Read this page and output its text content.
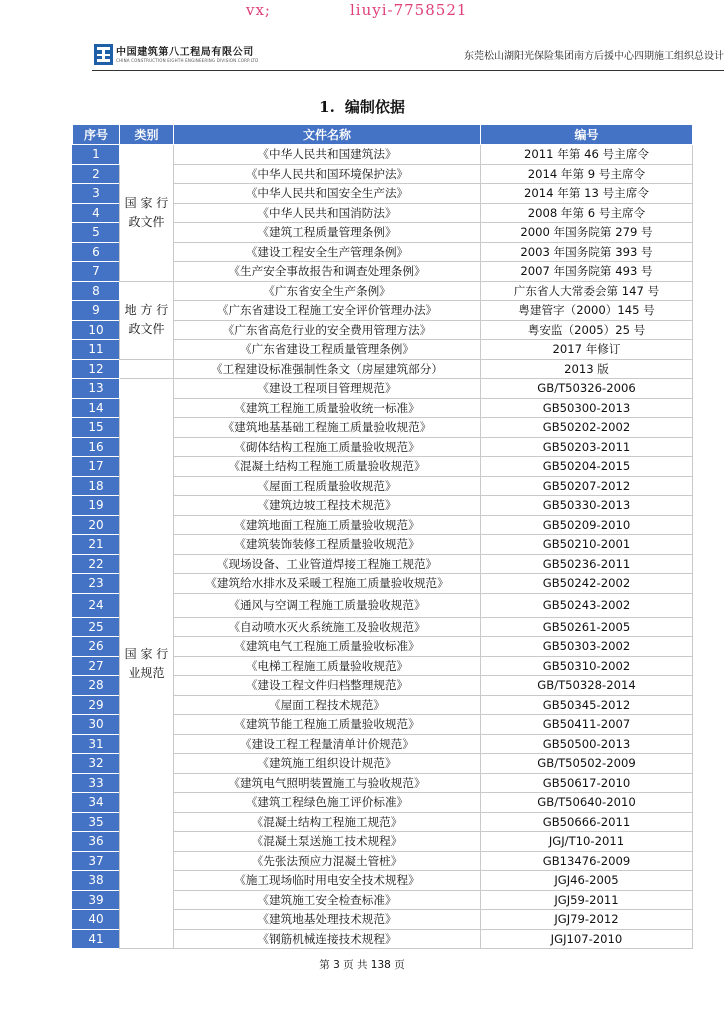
vx;	liuyi-7758521
中国建筑第八工程局有限公司
CHINA CONSTRUCTION EIGHTH ENGINEERING DIVISION.CORP.LTD	东莞松山湖阳光保险集团南方后援中心四期施工组织总设计
1. 编制依据
序号	类别	文件名称	编号
1	国 家 行 政文件	《中华人民共和国建筑法》	2011 年第 46 号主席令
2		《中华人民共和国环境保护法》	2014 年第 9 号主席令
3		《中华人民共和国安全生产法》	2014 年第 13 号主席令
4		《中华人民共和国消防法》	2008 年第 6 号主席令
5		《建筑工程质量管理条例》	2000 年国务院第 279 号
6		《建设工程安全生产管理条例》	2003 年国务院第 393 号
7		《生产安全事故报告和调查处理条例》	2007 年国务院第 493 号
8	地 方 行 政文件	《广东省安全生产条例》	广东省人大常委会第 147 号
9		《广东省建设工程施工安全评价管理办法》	粤建管字（2000）145 号
10		《广东省高危行业的安全费用管理方法》	粤安监（2005）25 号
11		《广东省建设工程质量管理条例》	2017 年修订
12		《工程建设标准强制性条文（房屋建筑部分）	2013 版
13	国 家 行 业规范	《建设工程项目管理规范》	GB/T50326-2006
14		《建筑工程施工质量验收统一标准》	GB50300-2013
15		《建筑地基基础工程施工质量验收规范》	GB50202-2002
16		《砌体结构工程施工质量验收规范》	GB50203-2011
17		《混凝土结构工程施工质量验收规范》	GB50204-2015
18		《屋面工程质量验收规范》	GB50207-2012
19		《建筑边坡工程技术规范》	GB50330-2013
20		《建筑地面工程施工质量验收规范》	GB50209-2010
21		《建筑装饰装修工程质量验收规范》	GB50210-2001
22		《现场设备、工业管道焊接工程施工规范》	GB50236-2011
23		《建筑给水排水及采暖工程施工质量验收规范》	GB50242-2002
24		《通风与空调工程施工质量验收规范》	GB50243-2002
25		《自动喷水灭火系统施工及验收规范》	GB50261-2005
26		《建筑电气工程施工质量验收标准》	GB50303-2002
27		《电梯工程施工质量验收规范》	GB50310-2002
28		《建设工程文件归档整理规范》	GB/T50328-2014
29		《屋面工程技术规范》	GB50345-2012
30		《建筑节能工程施工质量验收规范》	GB50411-2007
31		《建设工程工程量清单计价规范》	GB50500-2013
32		《建筑施工组织设计规范》	GB/T50502-2009
33		《建筑电气照明装置施工与验收规范》	GB50617-2010
34		《建筑工程绿色施工评价标准》	GB/T50640-2010
35		《混凝土结构工程施工规范》	GB50666-2011
36		《混凝土泵送施工技术规程》	JGJ/T10-2011
37		《先张法预应力混凝土管桩》	GB13476-2009
38		《施工现场临时用电安全技术规程》	JGJ46-2005
39		《建筑施工安全检查标准》	JGJ59-2011
40		《建筑地基处理技术规范》	JGJ79-2012
41		《钢筋机械连接技术规程》	JGJ107-2010
第 3 页 共 138 页
